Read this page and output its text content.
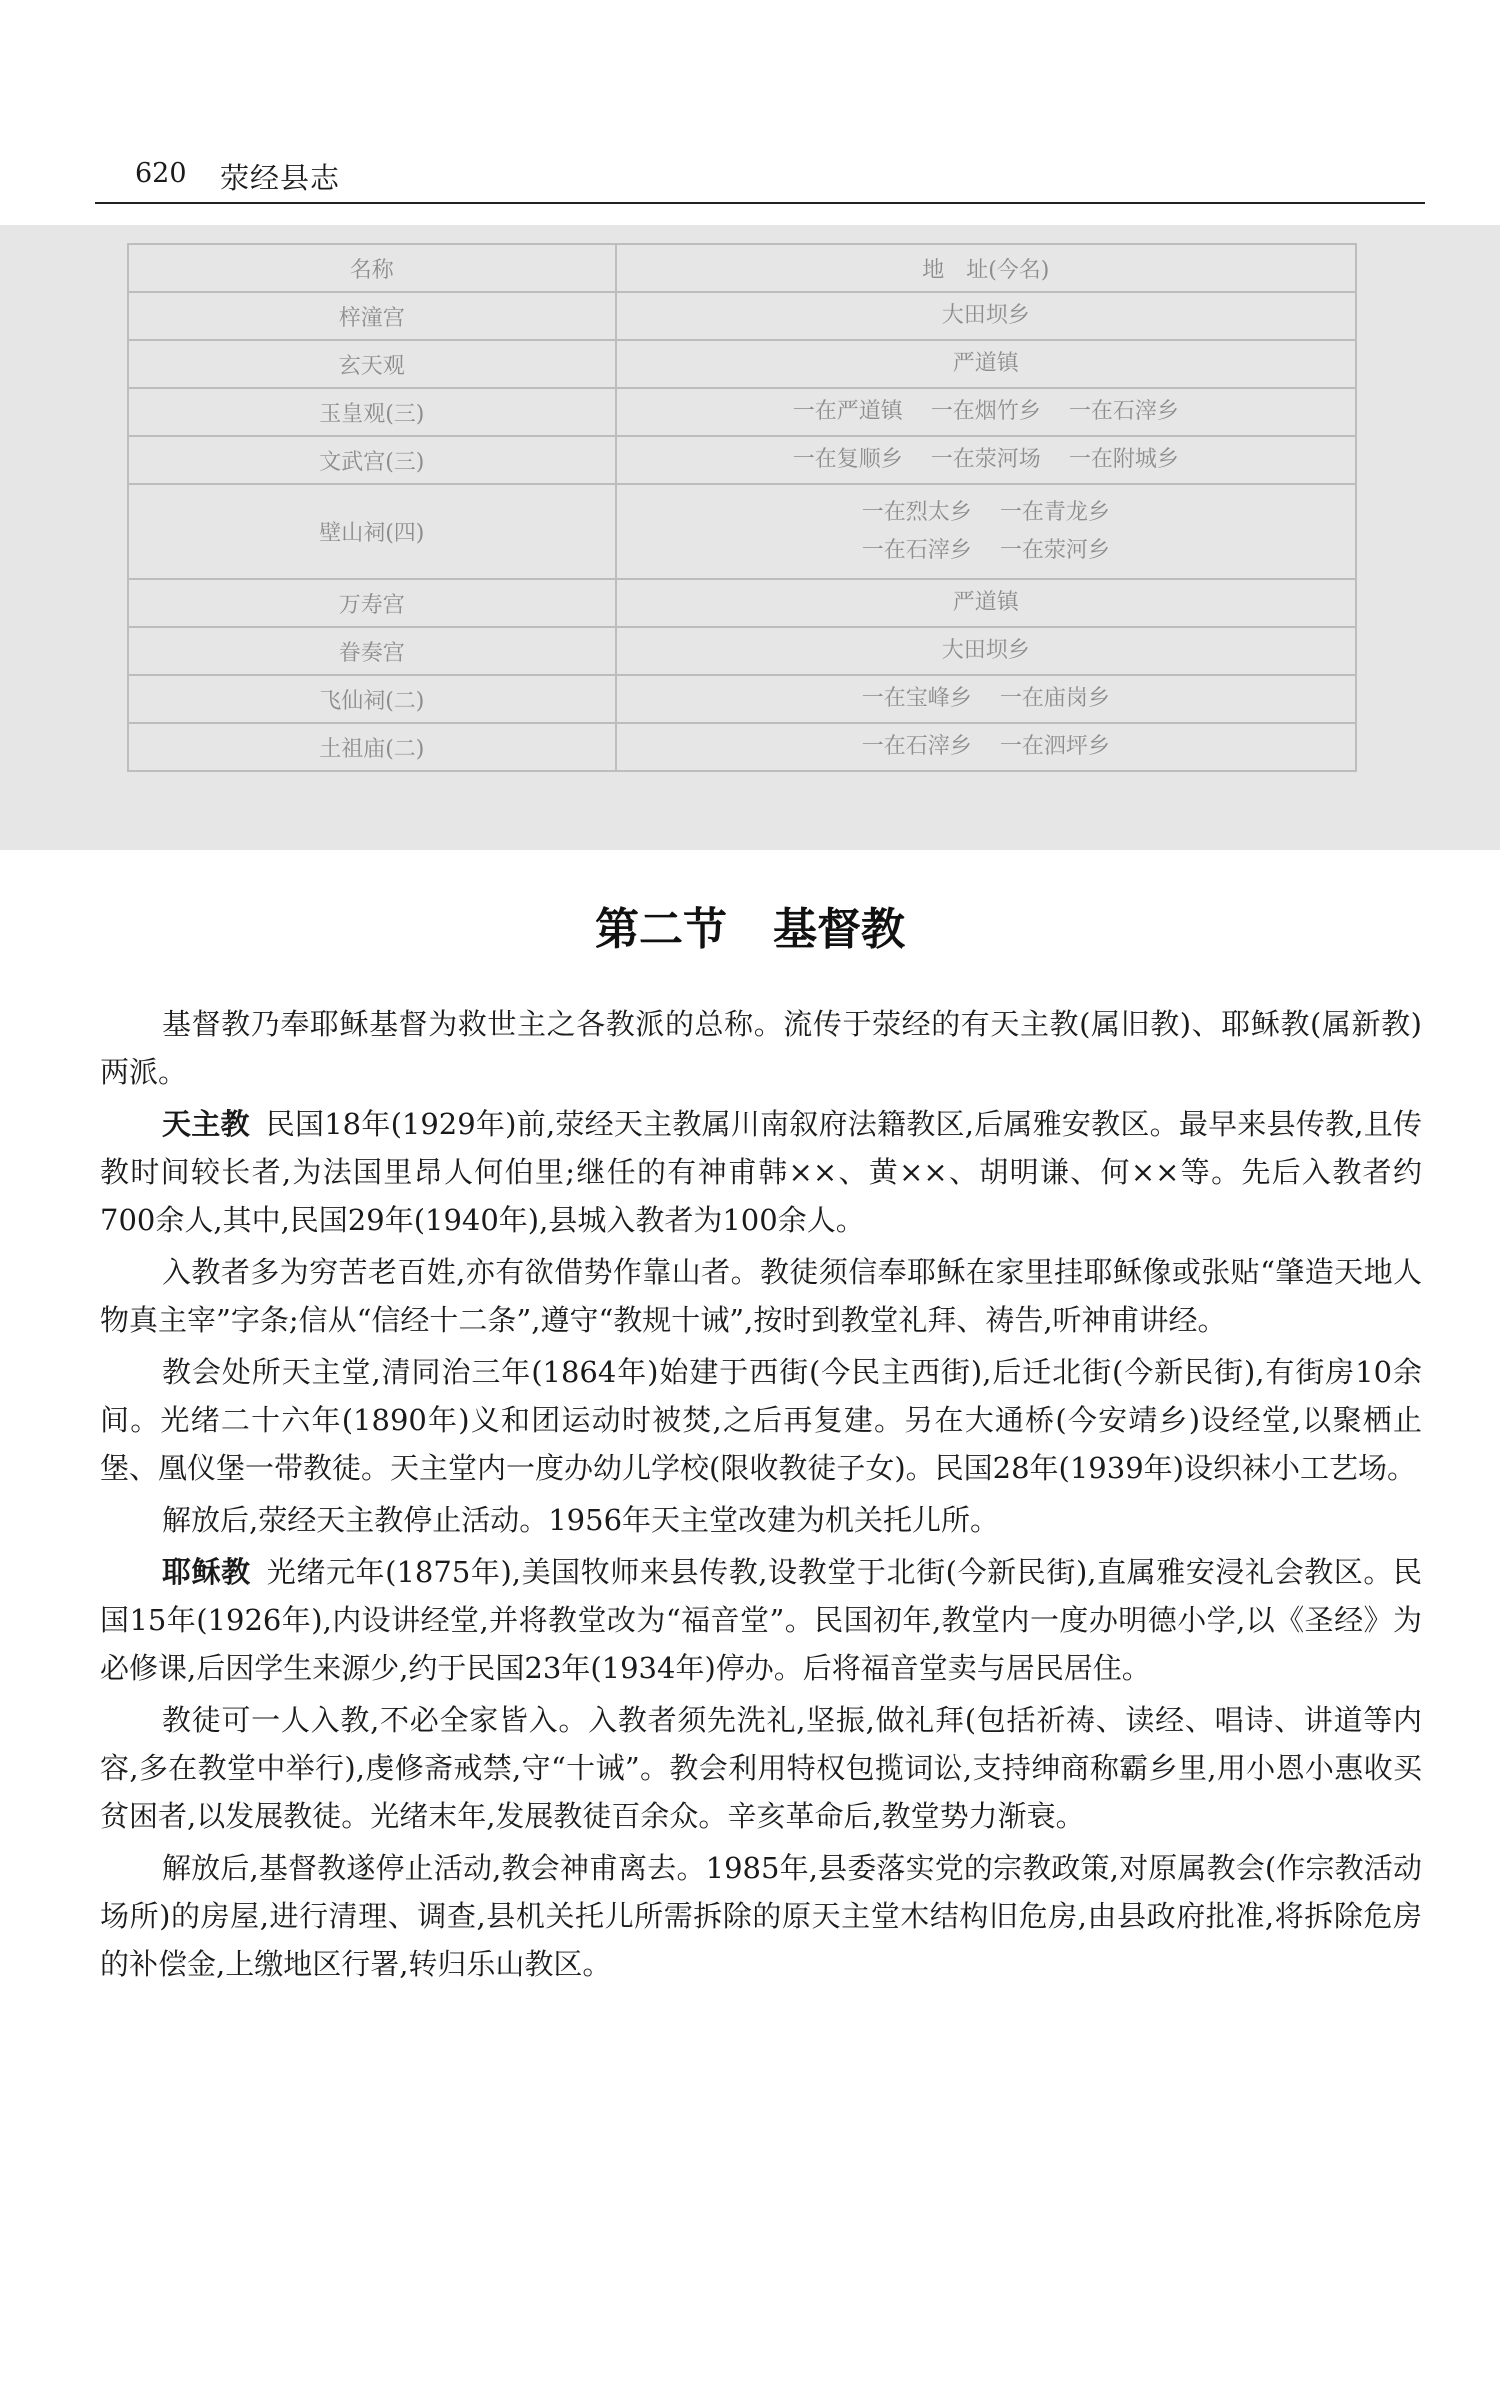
620 荥经县志
名称	地　址(今名)
梓潼宫	大田坝乡

玄天观	严道镇

玉皇观(三)	一在严道镇 一在烟竹乡 一在石滓乡

文武宫(三)	一在复顺乡 一在荥河场 一在附城乡

壁山祠(四)	一在烈太乡 一在青龙乡
一在石滓乡 一在荥河乡

万寿宫	严道镇

眷奏宫	大田坝乡

飞仙祠(二)	一在宝峰乡 一在庙岗乡

土祖庙(二)	一在石滓乡 一在泗坪乡
第二节 基督教

基督教乃奉耶稣基督为救世主之各教派的总称。流传于荥经的有天主教(属旧教)、耶稣教(属新教)两派。

天主教 民国18年(1929年)前,荥经天主教属川南叙府法籍教区,后属雅安教区。最早来县传教,且传教时间较长者,为法国里昂人何伯里;继任的有神甫韩××、黄××、胡明谦、何××等。先后入教者约700余人,其中,民国29年(1940年),县城入教者为100余人。

入教者多为穷苦老百姓,亦有欲借势作靠山者。教徒须信奉耶稣在家里挂耶稣像或张贴“肇造天地人物真主宰”字条;信从“信经十二条”,遵守“教规十诫”,按时到教堂礼拜、祷告,听神甫讲经。

教会处所天主堂,清同治三年(1864年)始建于西街(今民主西街),后迁北街(今新民街),有街房10余间。光绪二十六年(1890年)义和团运动时被焚,之后再复建。另在大通桥(今安靖乡)设经堂,以聚栖止堡、凰仪堡一带教徒。天主堂内一度办幼儿学校(限收教徒子女)。民国28年(1939年)设织袜小工艺场。

解放后,荥经天主教停止活动。1956年天主堂改建为机关托儿所。

耶稣教 光绪元年(1875年),美国牧师来县传教,设教堂于北街(今新民街),直属雅安浸礼会教区。民国15年(1926年),内设讲经堂,并将教堂改为“福音堂”。民国初年,教堂内一度办明德小学,以《圣经》为必修课,后因学生来源少,约于民国23年(1934年)停办。后将福音堂卖与居民居住。

教徒可一人入教,不必全家皆入。入教者须先洗礼,坚振,做礼拜(包括祈祷、读经、唱诗、讲道等内容,多在教堂中举行),虔修斋戒禁,守“十诫”。教会利用特权包揽词讼,支持绅商称霸乡里,用小恩小惠收买贫困者,以发展教徒。光绪末年,发展教徒百余众。辛亥革命后,教堂势力渐衰。

解放后,基督教遂停止活动,教会神甫离去。1985年,县委落实党的宗教政策,对原属教会(作宗教活动场所)的房屋,进行清理、调查,县机关托儿所需拆除的原天主堂木结构旧危房,由县政府批准,将拆除危房的补偿金,上缴地区行署,转归乐山教区。
